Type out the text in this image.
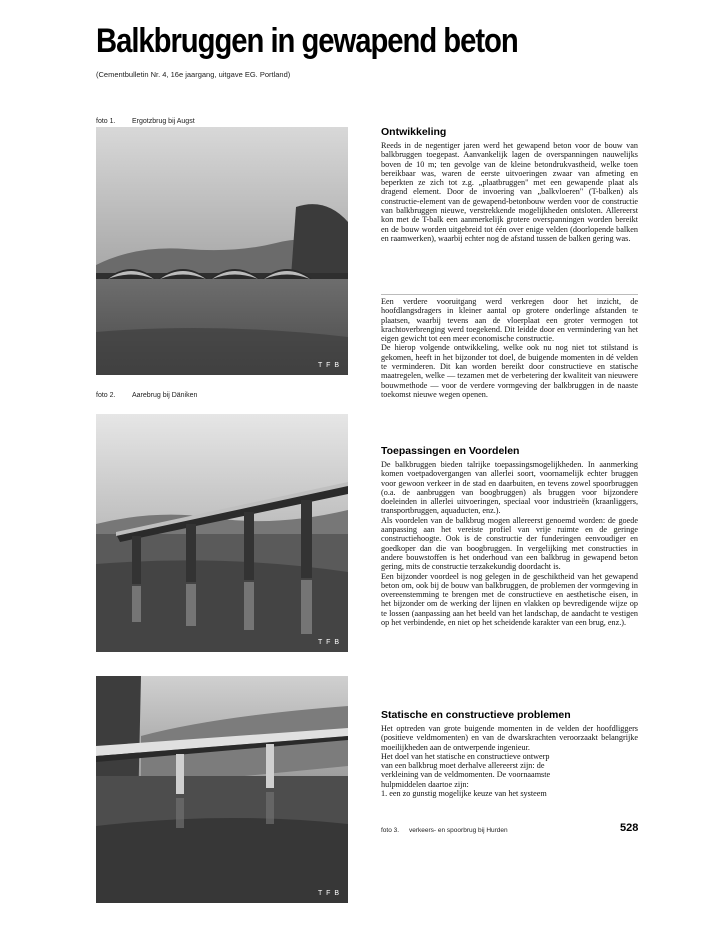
Balkbruggen in gewapend beton
(Cementbulletin Nr. 4, 16e jaargang, uitgave EG. Portland)
foto 1. Ergotzbrug bij Augst
T F B
foto 2. Aarebrug bij Däniken
T F B
T F B
Ontwikkeling

Reeds in de negentiger jaren werd het gewapend beton voor de bouw van balkbruggen toegepast. Aanvankelijk lagen de overspanningen nauwelijks boven de 10 m; ten gevolge van de kleine betondrukvastheid, welke toen bereikbaar was, waren de eerste uitvoeringen zwaar van afmeting en beperkten ze zich tot z.g. „plaatbruggen" met een gewapende plaat als dragend element. Door de invoering van „balkvloeren" (T-balken) als constructie-element van de gewapend-betonbouw werden voor de constructie van balkbruggen nieuwe, verstrekkende mogelijkheden ontsloten. Allereerst kon met de T-balk een aanmerkelijk grotere overspanningen worden bereikt en de bouw worden uitgebreid tot één over enige velden (doorlopende balken en raamwerken), waarbij echter nog de afstand tussen de balken gering was.

Een verdere vooruitgang werd verkregen door het inzicht, de hoofdlangsdragers in kleiner aantal op grotere onderlinge afstanden te plaatsen, waarbij tevens aan de vloerplaat een groter vermogen tot krachtoverbrenging werd toegekend. Dit leidde door en vermindering van het eigen gewicht tot een meer economische constructie.

De hierop volgende ontwikkeling, welke ook nu nog niet tot stilstand is gekomen, heeft in het bijzonder tot doel, de buigende momenten in dé velden te verminderen. Dit kan worden bereikt door constructieve en statische maatregelen, welke — tezamen met de verbetering der kwaliteit van nieuwere bouwmethode — voor de verdere vormgeving der balkbruggen in de naaste toekomst nieuwe wegen openen.

Toepassingen en Voordelen

De balkbruggen bieden talrijke toepassingsmogelijkheden. In aanmerking komen voetpadovergangen van allerlei soort, voornamelijk echter bruggen voor gewoon verkeer in de stad en daarbuiten, en tevens zowel spoorbruggen (o.a. de aanbruggen van boogbruggen) als bruggen voor bijzondere doeleinden in allerlei uitvoeringen, speciaal voor industrieën (kraanliggers, transportbruggen, aquaducten, enz.).

Als voordelen van de balkbrug mogen allereerst genoemd worden: de goede aanpassing aan het vereiste profiel van vrije ruimte en de geringe constructiehoogte. Ook is de constructie der funderingen eenvoudiger en goedkoper dan die van boogbruggen. In vergelijking met constructies in andere bouwstoffen is het onderhoud van een balkbrug in gewapend beton gering, mits de constructie terzakekundig doordacht is.

Een bijzonder voordeel is nog gelegen in de geschiktheid van het gewapend beton om, ook bij de bouw van balkbruggen, de problemen der vormgeving in overeenstemming te brengen met de constructieve en aesthetische eisen, in het bijzonder om de werking der lijnen en vlakken op bevredigende wijze op te lossen (aanpassing aan het beeld van het landschap, de aandacht te vestigen op het verbindende, en niet op het scheidende karakter van een brug, enz.).

Statische en constructieve problemen

Het optreden van grote buigende momenten in de velden der hoofdliggers (positieve veldmomenten) en van de dwarskrachten veroorzaakt belangrijke moeilijkheden aan de ontwerpende ingenieur.

Het doel van het statische en constructieve ontwerp

van een balkbrug moet derhalve allereerst zijn: de

verkleining van de veldmomenten. De voornaamste

hulpmiddelen daartoe zijn:

1. een zo gunstig mogelijke keuze van het systeem

foto 3. verkeers- en spoorbrug bij Hurden	528
